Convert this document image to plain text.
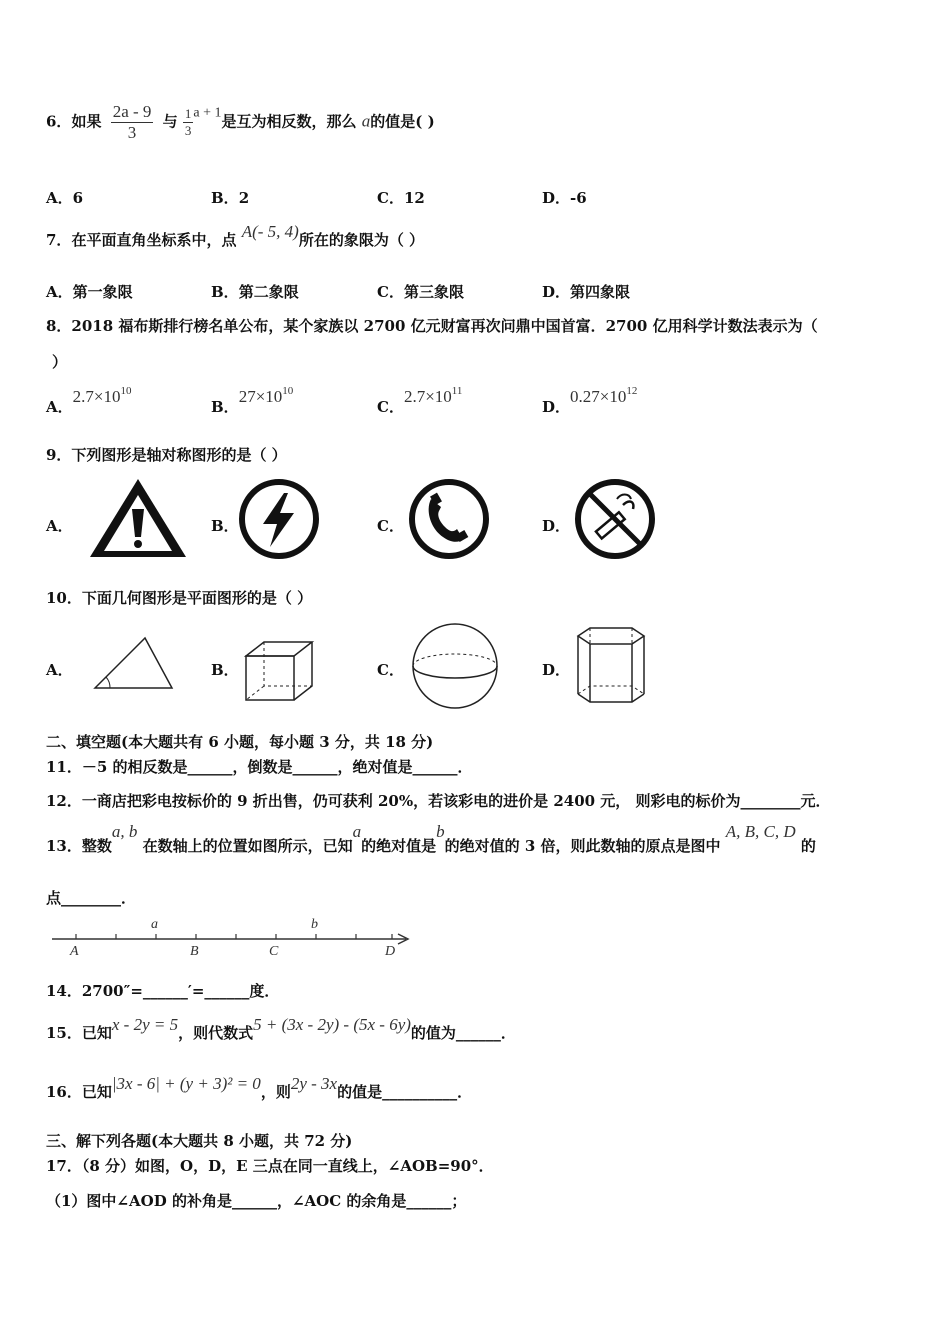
6．如果 $\frac{2a - 9}{3}$ 与 $\frac{1}{3}$ a + 1是互为相反数，那么 a的值是( )
A．6	B．2	C．12	D．-6
7．在平面直角坐标系中，点 A(- 5, 4)所在的象限为（ ）
A．第一象限	B．第二象限	C．第三象限	D．第四象限
8．2018 福布斯排行榜名单公布，某个家族以 2700 亿元财富再次问鼎中国首富．2700 亿用科学计数法表示为（
）
A．$2.7\times 10^{10}$
B．$27\times 10^{10}$
C．$2.7\times 10^{11}$
D．$0.27\times 10^{12}$
9．下列图形是轴对称图形的是（ ）
A．	B．	C．	D．
10．下面几何图形是平面图形的是（ ）
A．	B．	C．	D．
二、填空题(本大题共有 6 小题，每小题 3 分，共 18 分)
11．－5 的相反数是______，倒数是______，绝对值是______．
12．一商店把彩电按标价的 9 折出售，仍可获利 20%，若该彩电的进价是 2400 元， 则彩电的标价为________元．
13．整数a, b 在数轴上的位置如图所示，已知a的绝对值是b的绝对值的 3 倍，则此数轴的原点是图中 A, B, C, D 的
点________．
a	b
A	B	C	D
14．2700″=______′=______度．
15．已知x - 2y = 5，则代数式5 + (3x - 2y) - (5x - 6y)的值为______．
16．已知|3x - 6| + (y + 3)² = 0，则2y - 3x的值是__________．
三、解下列各题(本大题共 8 小题，共 72 分)
17．（8 分）如图，O，D，E 三点在同一直线上，∠AOB=90°．
（1）图中∠AOD 的补角是______，∠AOC 的余角是______；
